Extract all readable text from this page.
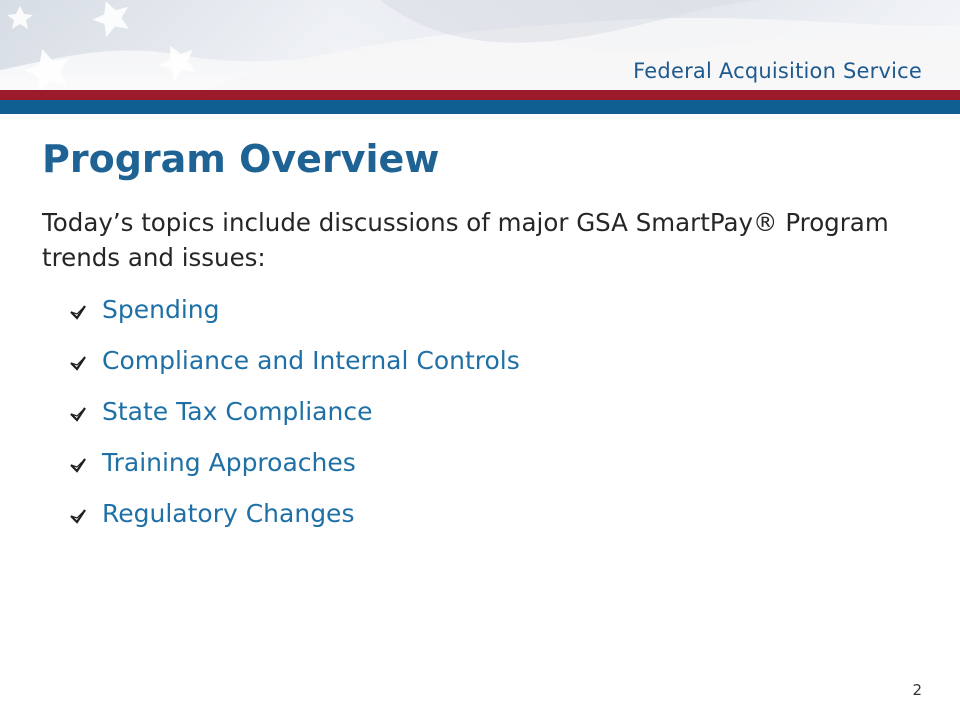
Federal Acquisition Service
Program Overview

Today’s topics include discussions of major GSA SmartPay® Program trends and issues:

Spending
Compliance and Internal Controls
State Tax Compliance
Training Approaches
Regulatory Changes
2
